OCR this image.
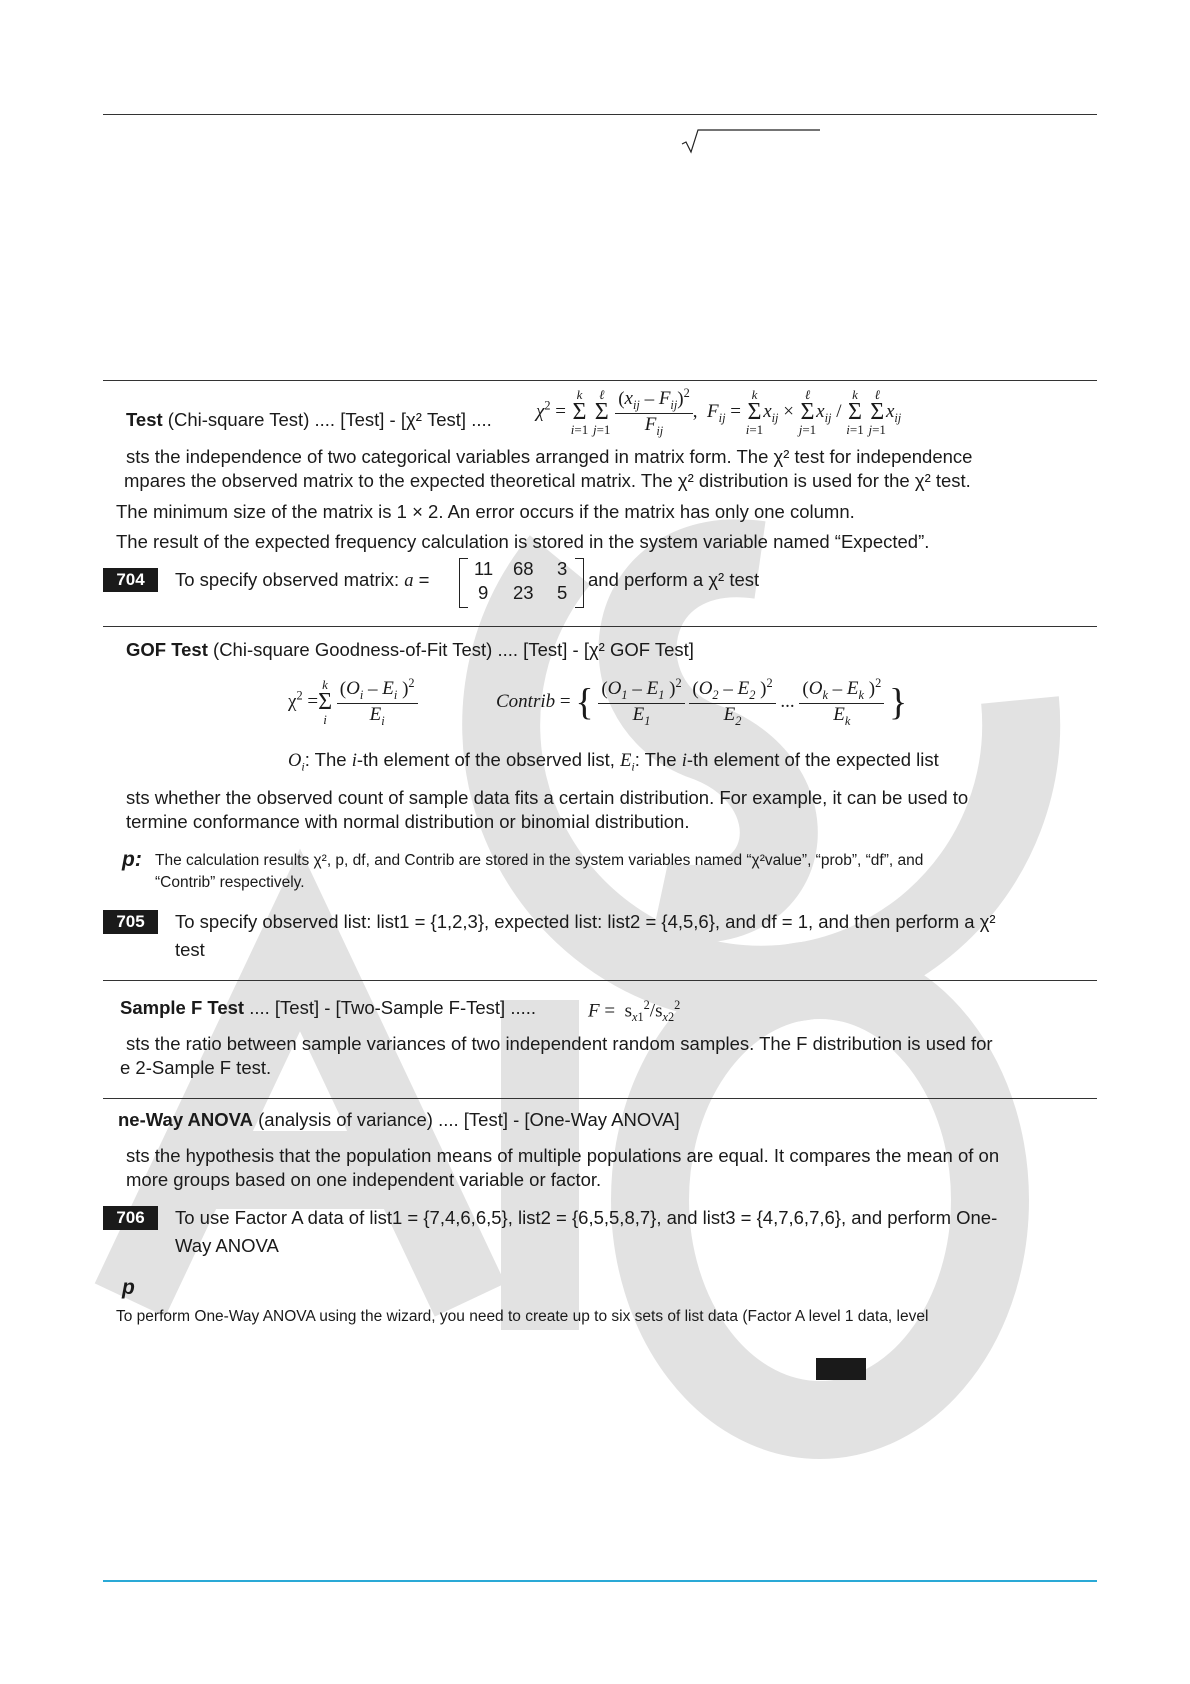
Test (Chi-square Test) .... [Test] - [χ² Test] .... $\chi^2 = k$
Σ
i=1 ℓ
Σ
$j=1 \frac{(x_{ij} - F_{ij})^2}{F_{ij}}$ ,  $F_{ij} = k$
Σ
$i=1x_{ij}$ × ℓ
Σ
$j=1x_{ij} / k$
Σ
i=1 ℓ
Σ
$j=1x_{ij}$
sts the independence of two categorical variables arranged in matrix form. The χ² test for independence
mpares the observed matrix to the expected theoretical matrix. The χ² distribution is used for the χ² test.
The minimum size of the matrix is 1 × 2. An error occurs if the matrix has only one column.
The result of the expected frequency calculation is stored in the system variable named “Expected”.
704	To specify observed matrix: a =
11 68 3
9 23 5
and perform a χ² test
GOF Test (Chi-square Goodness-of-Fit Test) .... [Test] - [χ² GOF Test]
$\chi^2 =k$
Σ
i $\frac{(O_i - E_i )^2}{E_i}$	Contrib = { $\frac{(O_1 - E_1 )^2}{E_1}$
$\frac{(O_2 - E_2 )^2}{E_2}$ ... $\frac{(O_k - E_k )^2}{E_k}$ }
$O_i$: The i-th element of the observed list, $E_i$: The i-th element of the expected list
sts whether the observed count of sample data fits a certain distribution. For example, it can be used to
termine conformance with normal distribution or binomial distribution.
p: The calculation results χ², p, df, and Contrib are stored in the system variables named “χ²value”, “prob”, “df”, and
“Contrib” respectively.
705	To specify observed list: list1 = {1,2,3}, expected list: list2 = {4,5,6}, and df = 1, and then perform a χ²
test
Sample F Test .... [Test] - [Two-Sample F-Test] .....	$F = s_{x1}^2/s_{x2}^2$
sts the ratio between sample variances of two independent random samples. The F distribution is used for
e 2-Sample F test.
ne-Way ANOVA (analysis of variance) .... [Test] - [One-Way ANOVA]
sts the hypothesis that the population means of multiple populations are equal. It compares the mean of on
more groups based on one independent variable or factor.
706	To use Factor A data of list1 = {7,4,6,6,5}, list2 = {6,5,5,8,7}, and list3 = {4,7,6,7,6}, and perform One-
Way ANOVA
p
To perform One-Way ANOVA using the wizard, you need to create up to six sets of list data (Factor A level 1 data, level
